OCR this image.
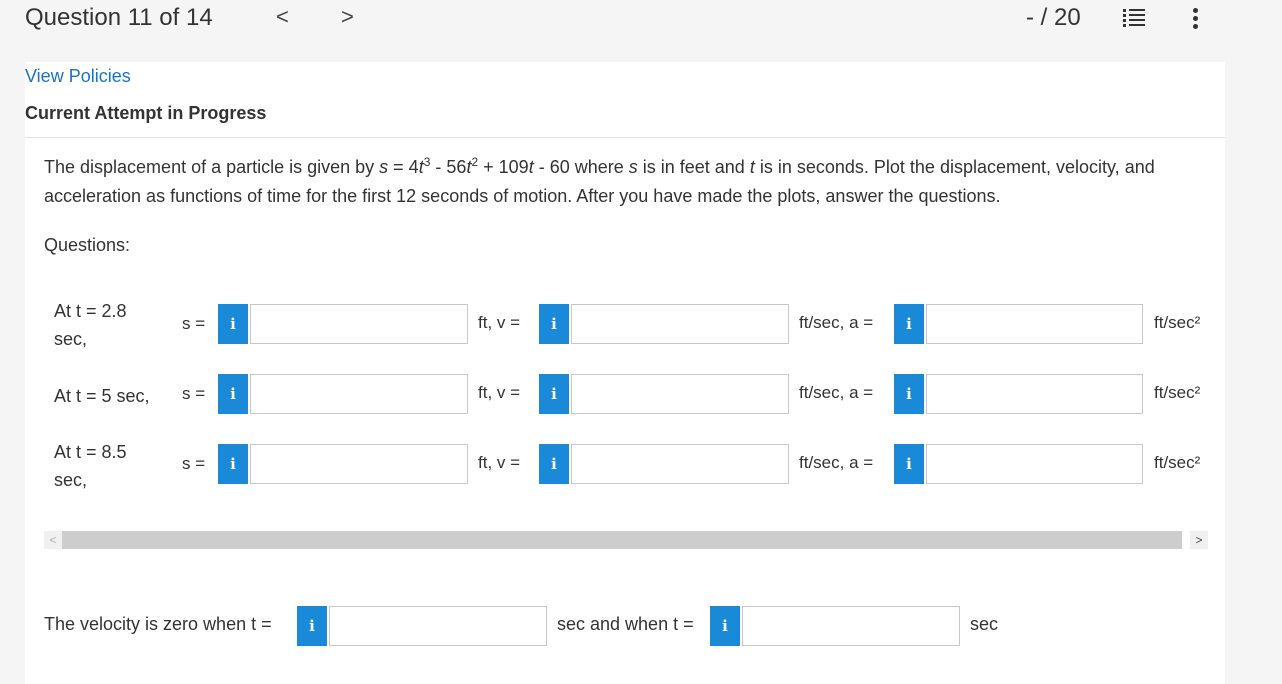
Question 11 of 14	< >	- / 20
View Policies
Current Attempt in Progress
The displacement of a particle is given by $s = 4t^3 - 56t^2 + 109t - 60$ where s is in feet and t is in seconds. Plot the displacement, velocity, and acceleration as functions of time for the first 12 seconds of motion. After you have made the plots, answer the questions.
Questions:
At t = 2.8
sec,
s =	i	ft, v =	i	ft/sec, a =	i	ft/sec²
At t = 5 sec, s =	i	ft, v =	i	ft/sec, a =	i	ft/sec²
At t = 8.5
sec,
s =	i	ft, v =	i	ft/sec, a =	i	ft/sec²
<	>
The velocity is zero when t =	i	sec and when t =	i	sec
